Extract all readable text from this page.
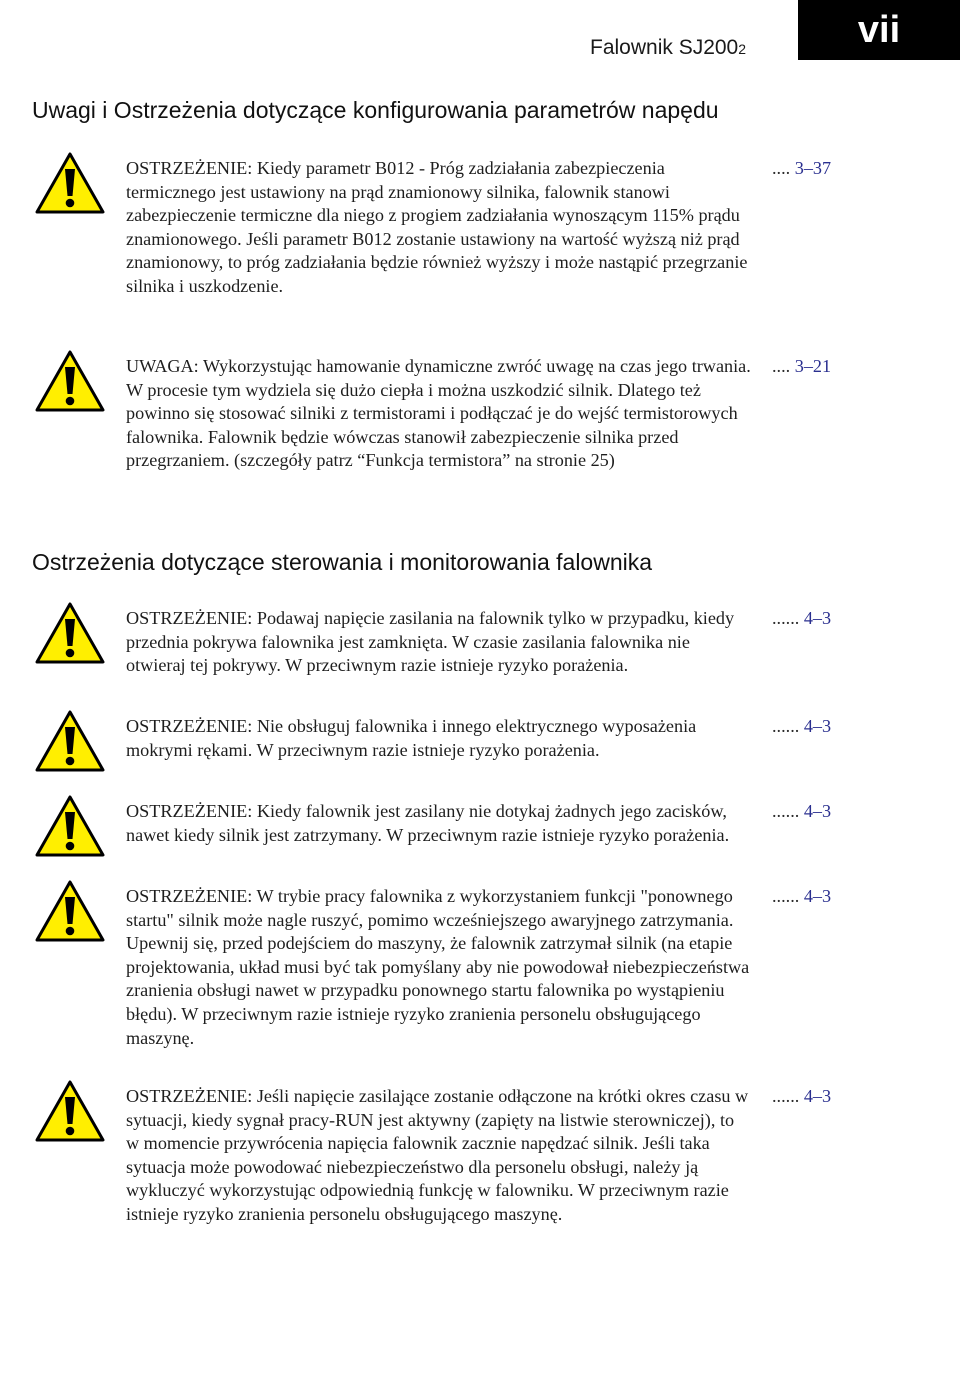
Falownik SJ2002	vii
Uwagi i Ostrzeżenia dotyczące konfigurowania parametrów napędu

OSTRZEŻENIE: Kiedy parametr B012 - Próg zadziałania zabezpieczenia termicznego jest ustawiony na prąd znamionowy silnika, falownik stanowi zabezpieczenie termiczne dla niego z progiem zadziałania wynoszącym 115% prądu znamionowego. Jeśli parametr B012 zostanie ustawiony na wartość wyższą niż prąd znamionowy, to próg zadziałania będzie również wyższy i może nastąpić przegrzanie silnika i uszkodzenie.

.... 3–37

UWAGA: Wykorzystując hamowanie dynamiczne zwróć uwagę na czas jego trwania. W procesie tym wydziela się dużo ciepła i można uszkodzić silnik. Dlatego też powinno się stosować silniki z termistorami i podłączać je do wejść termistorowych falownika. Falownik będzie wówczas stanowił zabezpieczenie silnika przed przegrzaniem. (szczegóły patrz “Funkcja termistora” na stronie 25)

.... 3–21
Ostrzeżenia dotyczące sterowania i monitorowania falownika

OSTRZEŻENIE: Podawaj napięcie zasilania na falownik tylko w przypadku, kiedy przednia pokrywa falownika jest zamknięta. W czasie zasilania falownika nie otwieraj tej pokrywy. W przeciwnym razie istnieje ryzyko porażenia.

...... 4–3

OSTRZEŻENIE: Nie obsługuj falownika i innego elektrycznego wyposażenia mokrymi rękami. W przeciwnym razie istnieje ryzyko porażenia.

...... 4–3

OSTRZEŻENIE: Kiedy falownik jest zasilany nie dotykaj żadnych jego zacisków, nawet kiedy silnik jest zatrzymany. W przeciwnym razie istnieje ryzyko porażenia.

...... 4–3

OSTRZEŻENIE: W trybie pracy falownika z wykorzystaniem funkcji "ponownego startu" silnik może nagle ruszyć, pomimo wcześniejszego awaryjnego zatrzymania. Upewnij się, przed podejściem do maszyny, że falownik zatrzymał silnik (na etapie projektowania, układ musi być tak pomyślany aby nie powodował niebezpieczeństwa zranienia obsługi nawet w przypadku ponownego startu falownika po wystąpieniu błędu). W przeciwnym razie istnieje ryzyko zranienia personelu obsługującego maszynę.

...... 4–3

OSTRZEŻENIE: Jeśli napięcie zasilające zostanie odłączone na krótki okres czasu w sytuacji, kiedy sygnał pracy-RUN jest aktywny (zapięty na listwie sterowniczej), to w momencie przywrócenia napięcia falownik zacznie napędzać silnik. Jeśli taka sytuacja może powodować niebezpieczeństwo dla personelu obsługi, należy ją wykluczyć wykorzystując odpowiednią funkcję w falowniku. W przeciwnym razie istnieje ryzyko zranienia personelu obsługującego maszynę.

...... 4–3
